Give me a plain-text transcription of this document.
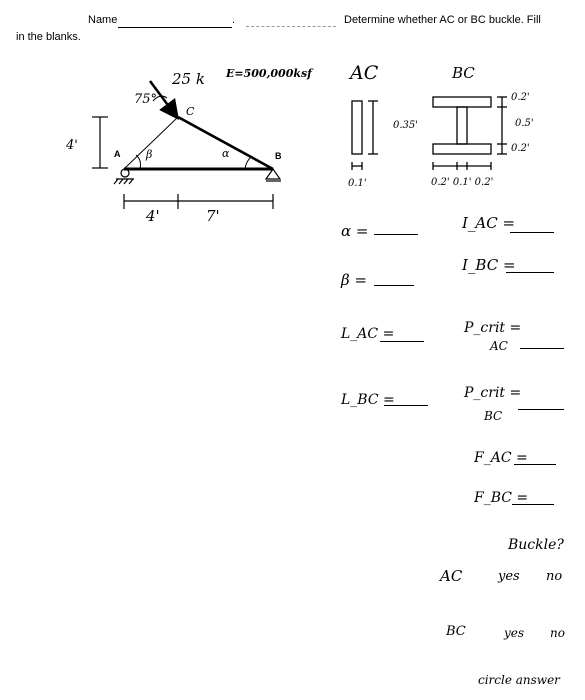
Name	.	Determine whether AC or BC buckle. Fill
in the blanks.
25 k
75°
E=500,000ksf
4'
A	B
C
β	α
4'	7'
AC	BC
0.35'
0.1'
0.2'
0.5'
0.2'
0.2' 0.1' 0.2'
α =
β =
L_AC =
L_BC =
I_AC =
I_BC =
P_crit =
AC
P_crit =
BC
F_AC =
F_BC =
Buckle?
AC	yes no
BC	yes no
circle answer
